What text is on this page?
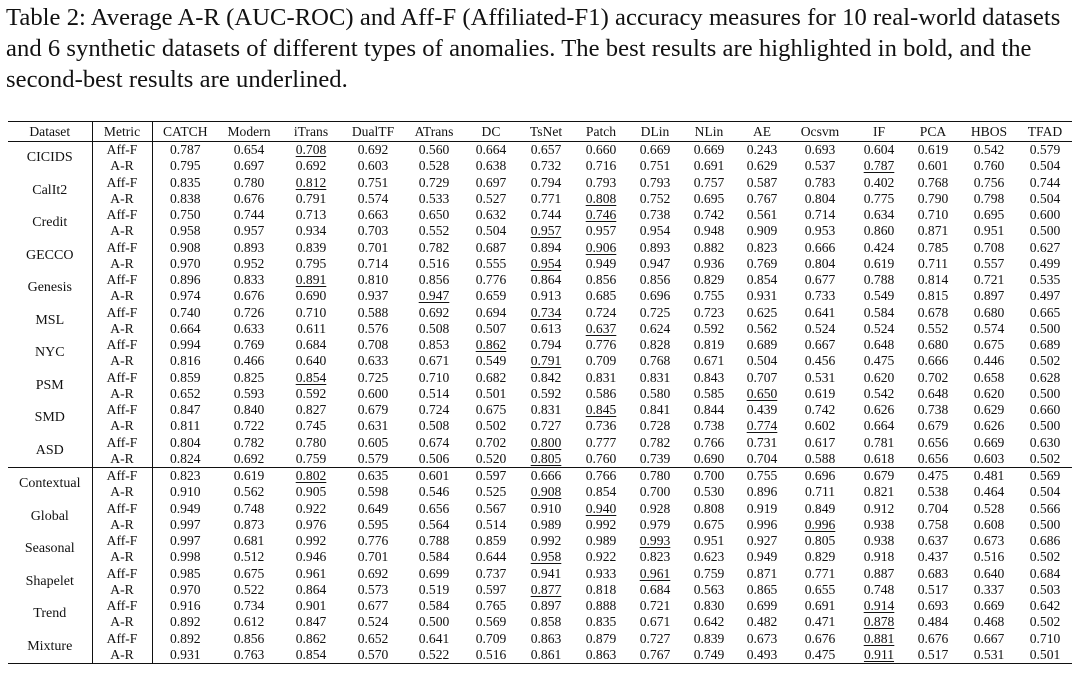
Table 2: Average A-R (AUC-ROC) and Aff-F (Affiliated-F1) accuracy measures for 10 real-world datasets and 6 synthetic datasets of different types of anomalies. The best results are highlighted in bold, and the second-best results are underlined.
Dataset	Metric	CATCH	Modern	iTrans	DualTF	ATrans	DC	TsNet	Patch	DLin	NLin	AE	Ocsvm	IF	PCA	HBOS	TFAD
CICIDS	Aff-F	0.787	0.654	0.708	0.692	0.560	0.664	0.657	0.660	0.669	0.669	0.243	0.693	0.604	0.619	0.542	0.579
	A-R	0.795	0.697	0.692	0.603	0.528	0.638	0.732	0.716	0.751	0.691	0.629	0.537	0.787	0.601	0.760	0.504
CalIt2	Aff-F	0.835	0.780	0.812	0.751	0.729	0.697	0.794	0.793	0.793	0.757	0.587	0.783	0.402	0.768	0.756	0.744
	A-R	0.838	0.676	0.791	0.574	0.533	0.527	0.771	0.808	0.752	0.695	0.767	0.804	0.775	0.790	0.798	0.504
Credit	Aff-F	0.750	0.744	0.713	0.663	0.650	0.632	0.744	0.746	0.738	0.742	0.561	0.714	0.634	0.710	0.695	0.600
	A-R	0.958	0.957	0.934	0.703	0.552	0.504	0.957	0.957	0.954	0.948	0.909	0.953	0.860	0.871	0.951	0.500
GECCO	Aff-F	0.908	0.893	0.839	0.701	0.782	0.687	0.894	0.906	0.893	0.882	0.823	0.666	0.424	0.785	0.708	0.627
	A-R	0.970	0.952	0.795	0.714	0.516	0.555	0.954	0.949	0.947	0.936	0.769	0.804	0.619	0.711	0.557	0.499
Genesis	Aff-F	0.896	0.833	0.891	0.810	0.856	0.776	0.864	0.856	0.856	0.829	0.854	0.677	0.788	0.814	0.721	0.535
	A-R	0.974	0.676	0.690	0.937	0.947	0.659	0.913	0.685	0.696	0.755	0.931	0.733	0.549	0.815	0.897	0.497
MSL	Aff-F	0.740	0.726	0.710	0.588	0.692	0.694	0.734	0.724	0.725	0.723	0.625	0.641	0.584	0.678	0.680	0.665
	A-R	0.664	0.633	0.611	0.576	0.508	0.507	0.613	0.637	0.624	0.592	0.562	0.524	0.524	0.552	0.574	0.500
NYC	Aff-F	0.994	0.769	0.684	0.708	0.853	0.862	0.794	0.776	0.828	0.819	0.689	0.667	0.648	0.680	0.675	0.689
	A-R	0.816	0.466	0.640	0.633	0.671	0.549	0.791	0.709	0.768	0.671	0.504	0.456	0.475	0.666	0.446	0.502
PSM	Aff-F	0.859	0.825	0.854	0.725	0.710	0.682	0.842	0.831	0.831	0.843	0.707	0.531	0.620	0.702	0.658	0.628
	A-R	0.652	0.593	0.592	0.600	0.514	0.501	0.592	0.586	0.580	0.585	0.650	0.619	0.542	0.648	0.620	0.500
SMD	Aff-F	0.847	0.840	0.827	0.679	0.724	0.675	0.831	0.845	0.841	0.844	0.439	0.742	0.626	0.738	0.629	0.660
	A-R	0.811	0.722	0.745	0.631	0.508	0.502	0.727	0.736	0.728	0.738	0.774	0.602	0.664	0.679	0.626	0.500
ASD	Aff-F	0.804	0.782	0.780	0.605	0.674	0.702	0.800	0.777	0.782	0.766	0.731	0.617	0.781	0.656	0.669	0.630
	A-R	0.824	0.692	0.759	0.579	0.506	0.520	0.805	0.760	0.739	0.690	0.704	0.588	0.618	0.656	0.603	0.502
Contextual	Aff-F	0.823	0.619	0.802	0.635	0.601	0.597	0.666	0.766	0.780	0.700	0.755	0.696	0.679	0.475	0.481	0.569
	A-R	0.910	0.562	0.905	0.598	0.546	0.525	0.908	0.854	0.700	0.530	0.896	0.711	0.821	0.538	0.464	0.504
Global	Aff-F	0.949	0.748	0.922	0.649	0.656	0.567	0.910	0.940	0.928	0.808	0.919	0.849	0.912	0.704	0.528	0.566
	A-R	0.997	0.873	0.976	0.595	0.564	0.514	0.989	0.992	0.979	0.675	0.996	0.996	0.938	0.758	0.608	0.500
Seasonal	Aff-F	0.997	0.681	0.992	0.776	0.788	0.859	0.992	0.989	0.993	0.951	0.927	0.805	0.938	0.637	0.673	0.686
	A-R	0.998	0.512	0.946	0.701	0.584	0.644	0.958	0.922	0.823	0.623	0.949	0.829	0.918	0.437	0.516	0.502
Shapelet	Aff-F	0.985	0.675	0.961	0.692	0.699	0.737	0.941	0.933	0.961	0.759	0.871	0.771	0.887	0.683	0.640	0.684
	A-R	0.970	0.522	0.864	0.573	0.519	0.597	0.877	0.818	0.684	0.563	0.865	0.655	0.748	0.517	0.337	0.503
Trend	Aff-F	0.916	0.734	0.901	0.677	0.584	0.765	0.897	0.888	0.721	0.830	0.699	0.691	0.914	0.693	0.669	0.642
	A-R	0.892	0.612	0.847	0.524	0.500	0.569	0.858	0.835	0.671	0.642	0.482	0.471	0.878	0.484	0.468	0.502
Mixture	Aff-F	0.892	0.856	0.862	0.652	0.641	0.709	0.863	0.879	0.727	0.839	0.673	0.676	0.881	0.676	0.667	0.710
	A-R	0.931	0.763	0.854	0.570	0.522	0.516	0.861	0.863	0.767	0.749	0.493	0.475	0.911	0.517	0.531	0.501
